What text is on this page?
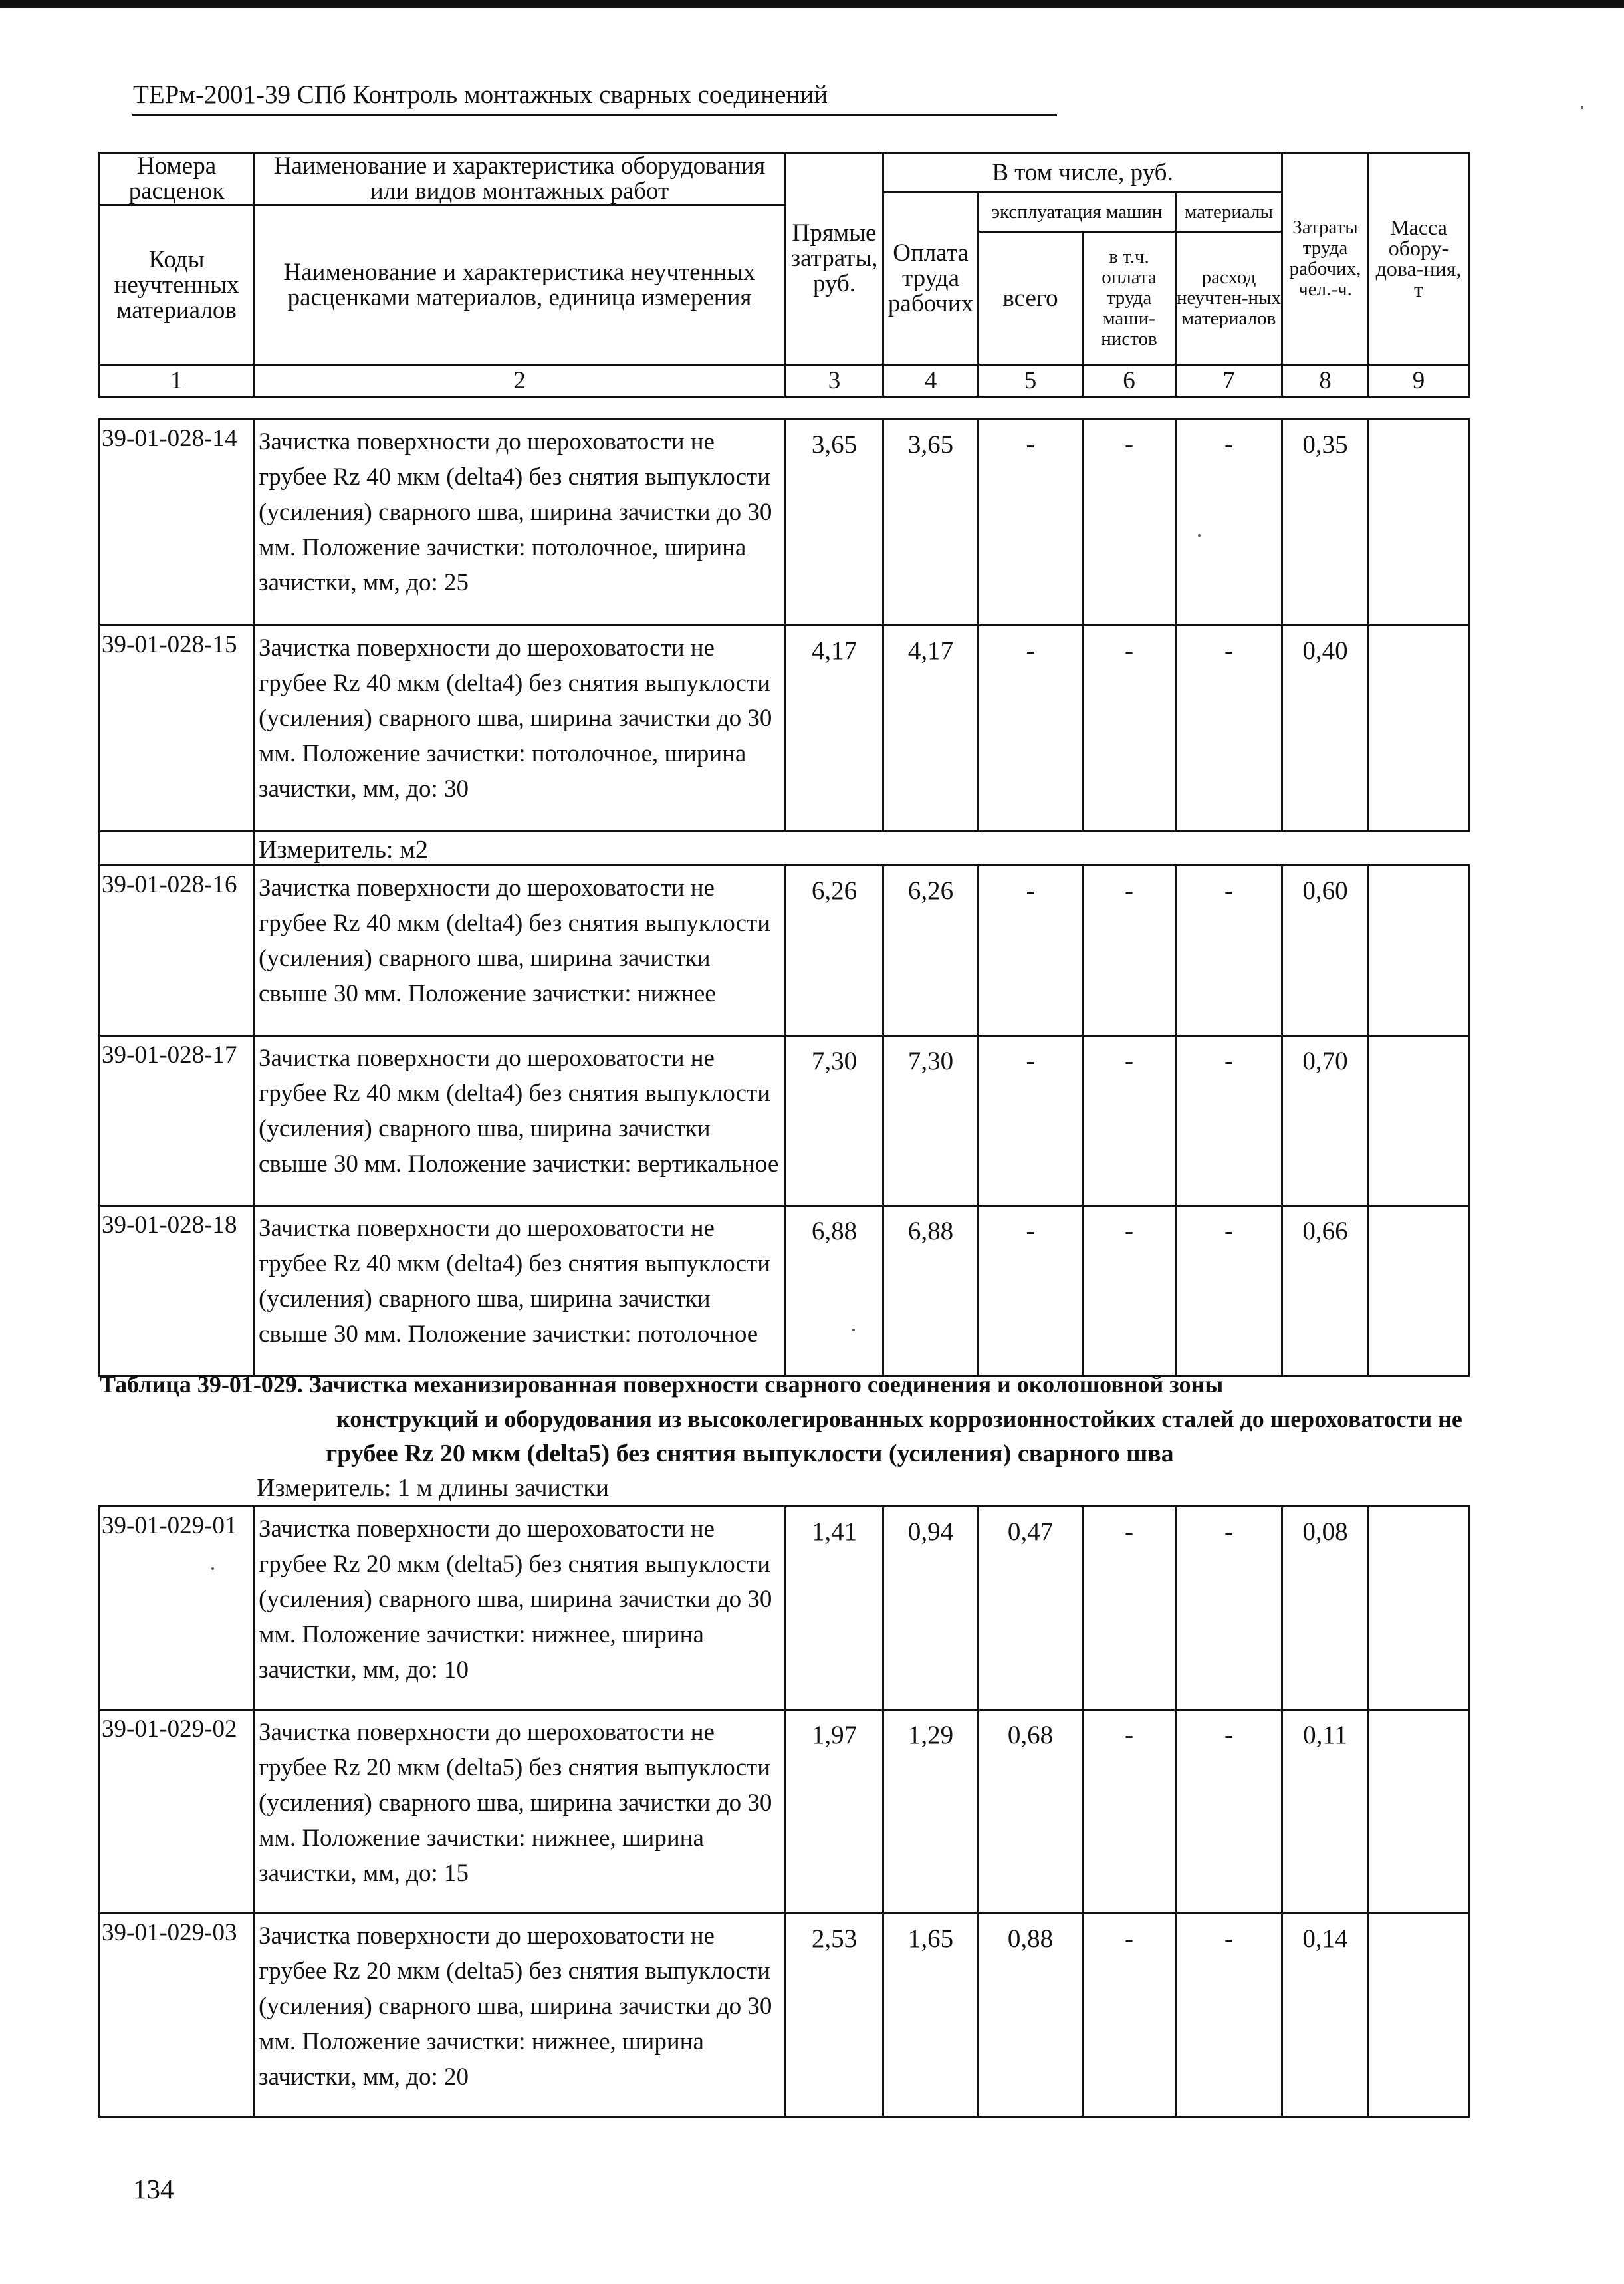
ТЕРм-2001-39 СПб Контроль монтажных сварных соединений
Номера расценок	Наименование и характеристика оборудования или видов монтажных работ	Прямые затраты, руб.	В том числе, руб.				Затраты труда рабочих, чел.-ч.	Масса обору-дова-ния, т
			Оплата труда рабочих	эксплуатация машин		материалы		
Коды неучтенных материалов	Наименование и характеристика неучтенных расценками материалов, единица измерения							
				всего	в т.ч. оплата труда маши-нистов	расход неучтен-ных материалов		

1	2	3	4	5	6	7	8	9
39-01-028-14	Зачистка поверхности до шероховатости не грубее Rz 40 мкм (delta4) без снятия выпуклости (усиления) сварного шва, ширина зачистки до 30 мм. Положение зачистки: потолочное, ширина зачистки, мм, до: 25	3,65	3,65	-	-	-	0,35	
39-01-028-15	Зачистка поверхности до шероховатости не грубее Rz 40 мкм (delta4) без снятия выпуклости (усиления) сварного шва, ширина зачистки до 30 мм. Положение зачистки: потолочное, ширина зачистки, мм, до: 30	4,17	4,17	-	-	-	0,40	
	Измеритель: м2							
39-01-028-16	Зачистка поверхности до шероховатости не грубее Rz 40 мкм (delta4) без снятия выпуклости (усиления) сварного шва, ширина зачистки свыше 30 мм. Положение зачистки: нижнее	6,26	6,26	-	-	-	0,60	
39-01-028-17	Зачистка поверхности до шероховатости не грубее Rz 40 мкм (delta4) без снятия выпуклости (усиления) сварного шва, ширина зачистки свыше 30 мм. Положение зачистки: вертикальное	7,30	7,30	-	-	-	0,70	
39-01-028-18	Зачистка поверхности до шероховатости не грубее Rz 40 мкм (delta4) без снятия выпуклости (усиления) сварного шва, ширина зачистки свыше 30 мм. Положение зачистки: потолочное	6,88	6,88	-	-	-	0,66	
Таблица 39-01-029. Зачистка механизированная поверхности сварного соединения и околошовной зоны
конструкций и оборудования из высоколегированных коррозионностойких сталей до шероховатости не
грубее Rz 20 мкм (delta5) без снятия выпуклости (усиления) сварного шва
Измеритель: 1 м длины зачистки
39-01-029-01	Зачистка поверхности до шероховатости не грубее Rz 20 мкм (delta5) без снятия выпуклости (усиления) сварного шва, ширина зачистки до 30 мм. Положение зачистки: нижнее, ширина зачистки, мм, до: 10	1,41	0,94	0,47	-	-	0,08	
39-01-029-02	Зачистка поверхности до шероховатости не грубее Rz 20 мкм (delta5) без снятия выпуклости (усиления) сварного шва, ширина зачистки до 30 мм. Положение зачистки: нижнее, ширина зачистки, мм, до: 15	1,97	1,29	0,68	-	-	0,11	
39-01-029-03	Зачистка поверхности до шероховатости не грубее Rz 20 мкм (delta5) без снятия выпуклости (усиления) сварного шва, ширина зачистки до 30 мм. Положение зачистки: нижнее, ширина зачистки, мм, до: 20	2,53	1,65	0,88	-	-	0,14	
134
